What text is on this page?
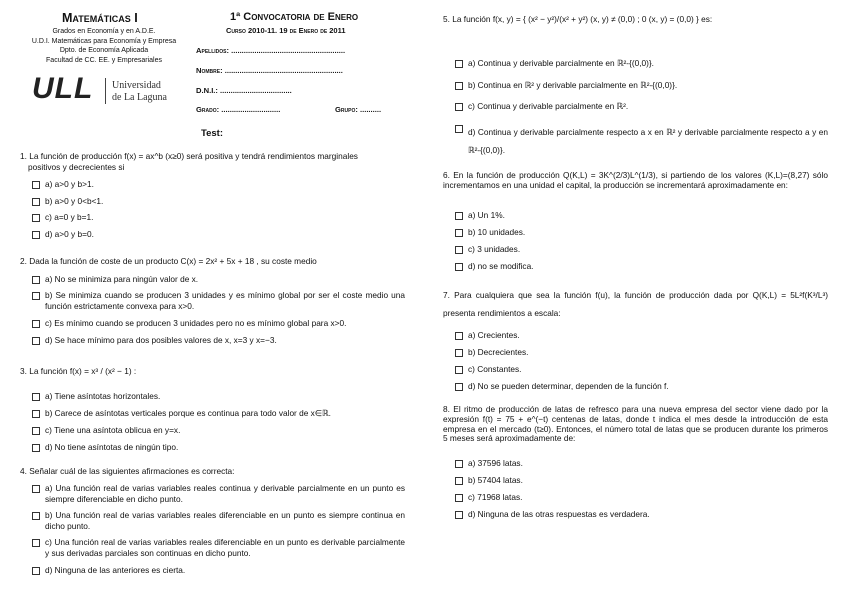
Matemáticas I
Grados en Economía y en A.D.E.
U.D.I. Matemáticas para Economía y Empresa
Dpto. de Economía Aplicada
Facultad de CC. EE. y Empresariales
ULL Universidad
de La Laguna
1ª Convocatoria de Enero
Curso 2010-11. 19 de Enero de 2011
Apellidos: ......................................................
Nombre: ........................................................
D.N.I.: ..................................
Grado: ............................	Grupo: ..........
Test:
1. La función de producción f(x) = ax^b (x≥0) será positiva y tendrá rendimientos marginales
positivos y decrecientes si
a) a>0 y b>1.
b) a>0 y 0<b<1.
c) a=0 y b=1.
d) a>0 y b=0.
2. Dada la función de coste de un producto C(x) = 2x² + 5x + 18 , su coste medio
a) No se minimiza para ningún valor de x.
b) Se minimiza cuando se producen 3 unidades y es mínimo global por ser el coste medio una función estrictamente convexa para x>0.
c) Es mínimo cuando se producen 3 unidades pero no es mínimo global para x>0.
d) Se hace mínimo para dos posibles valores de x, x=3 y x=−3.
3. La función f(x) = x³ / (x² − 1) :
a) Tiene asíntotas horizontales.
b) Carece de asíntotas verticales porque es continua para todo valor de x∈ℝ.
c) Tiene una asíntota oblicua en y=x.
d) No tiene asíntotas de ningún tipo.
4. Señalar cuál de las siguientes afirmaciones es correcta:
a) Una función real de varias variables reales continua y derivable parcialmente en un punto es siempre diferenciable en dicho punto.
b) Una función real de varias variables reales diferenciable en un punto es siempre continua en dicho punto.
c) Una función real de varias variables reales diferenciable en un punto es derivable parcialmente y sus derivadas parciales son continuas en dicho punto.
d) Ninguna de las anteriores es cierta.
5. La función f(x, y) = { (x² − y²)/(x² + y²) (x, y) ≠ (0,0) ; 0 (x, y) = (0,0) } es:
a) Continua y derivable parcialmente en ℝ²-{(0,0)}.
b) Continua en ℝ² y derivable parcialmente en ℝ²-{(0,0)}.
c) Continua y derivable parcialmente en ℝ².
d) Continua y derivable parcialmente respecto a x en ℝ² y derivable parcialmente respecto a y en ℝ²-{(0,0)}.
6. En la función de producción Q(K,L) = 3K^(2/3)L^(1/3), si partiendo de los valores (K,L)=(8,27) sólo incrementamos en una unidad el capital, la producción se incrementará aproximadamente en:
a) Un 1%.
b) 10 unidades.
c) 3 unidades.
d) no se modifica.
7. Para cualquiera que sea la función f(u), la función de producción dada por Q(K,L) = 5L²f(K³/L³) presenta rendimientos a escala:
a) Crecientes.
b) Decrecientes.
c) Constantes.
d) No se pueden determinar, dependen de la función f.
8. El ritmo de producción de latas de refresco para una nueva empresa del sector viene dado por la expresión f(t) = 75 + e^(−t) centenas de latas, donde t indica el mes desde la introducción de esta empresa en el mercado (t≥0). Entonces, el número total de latas que se producen durante los primeros 5 meses será aproximadamente de:
a) 37596 latas.
b) 57404 latas.
c) 71968 latas.
d) Ninguna de las otras respuestas es verdadera.
